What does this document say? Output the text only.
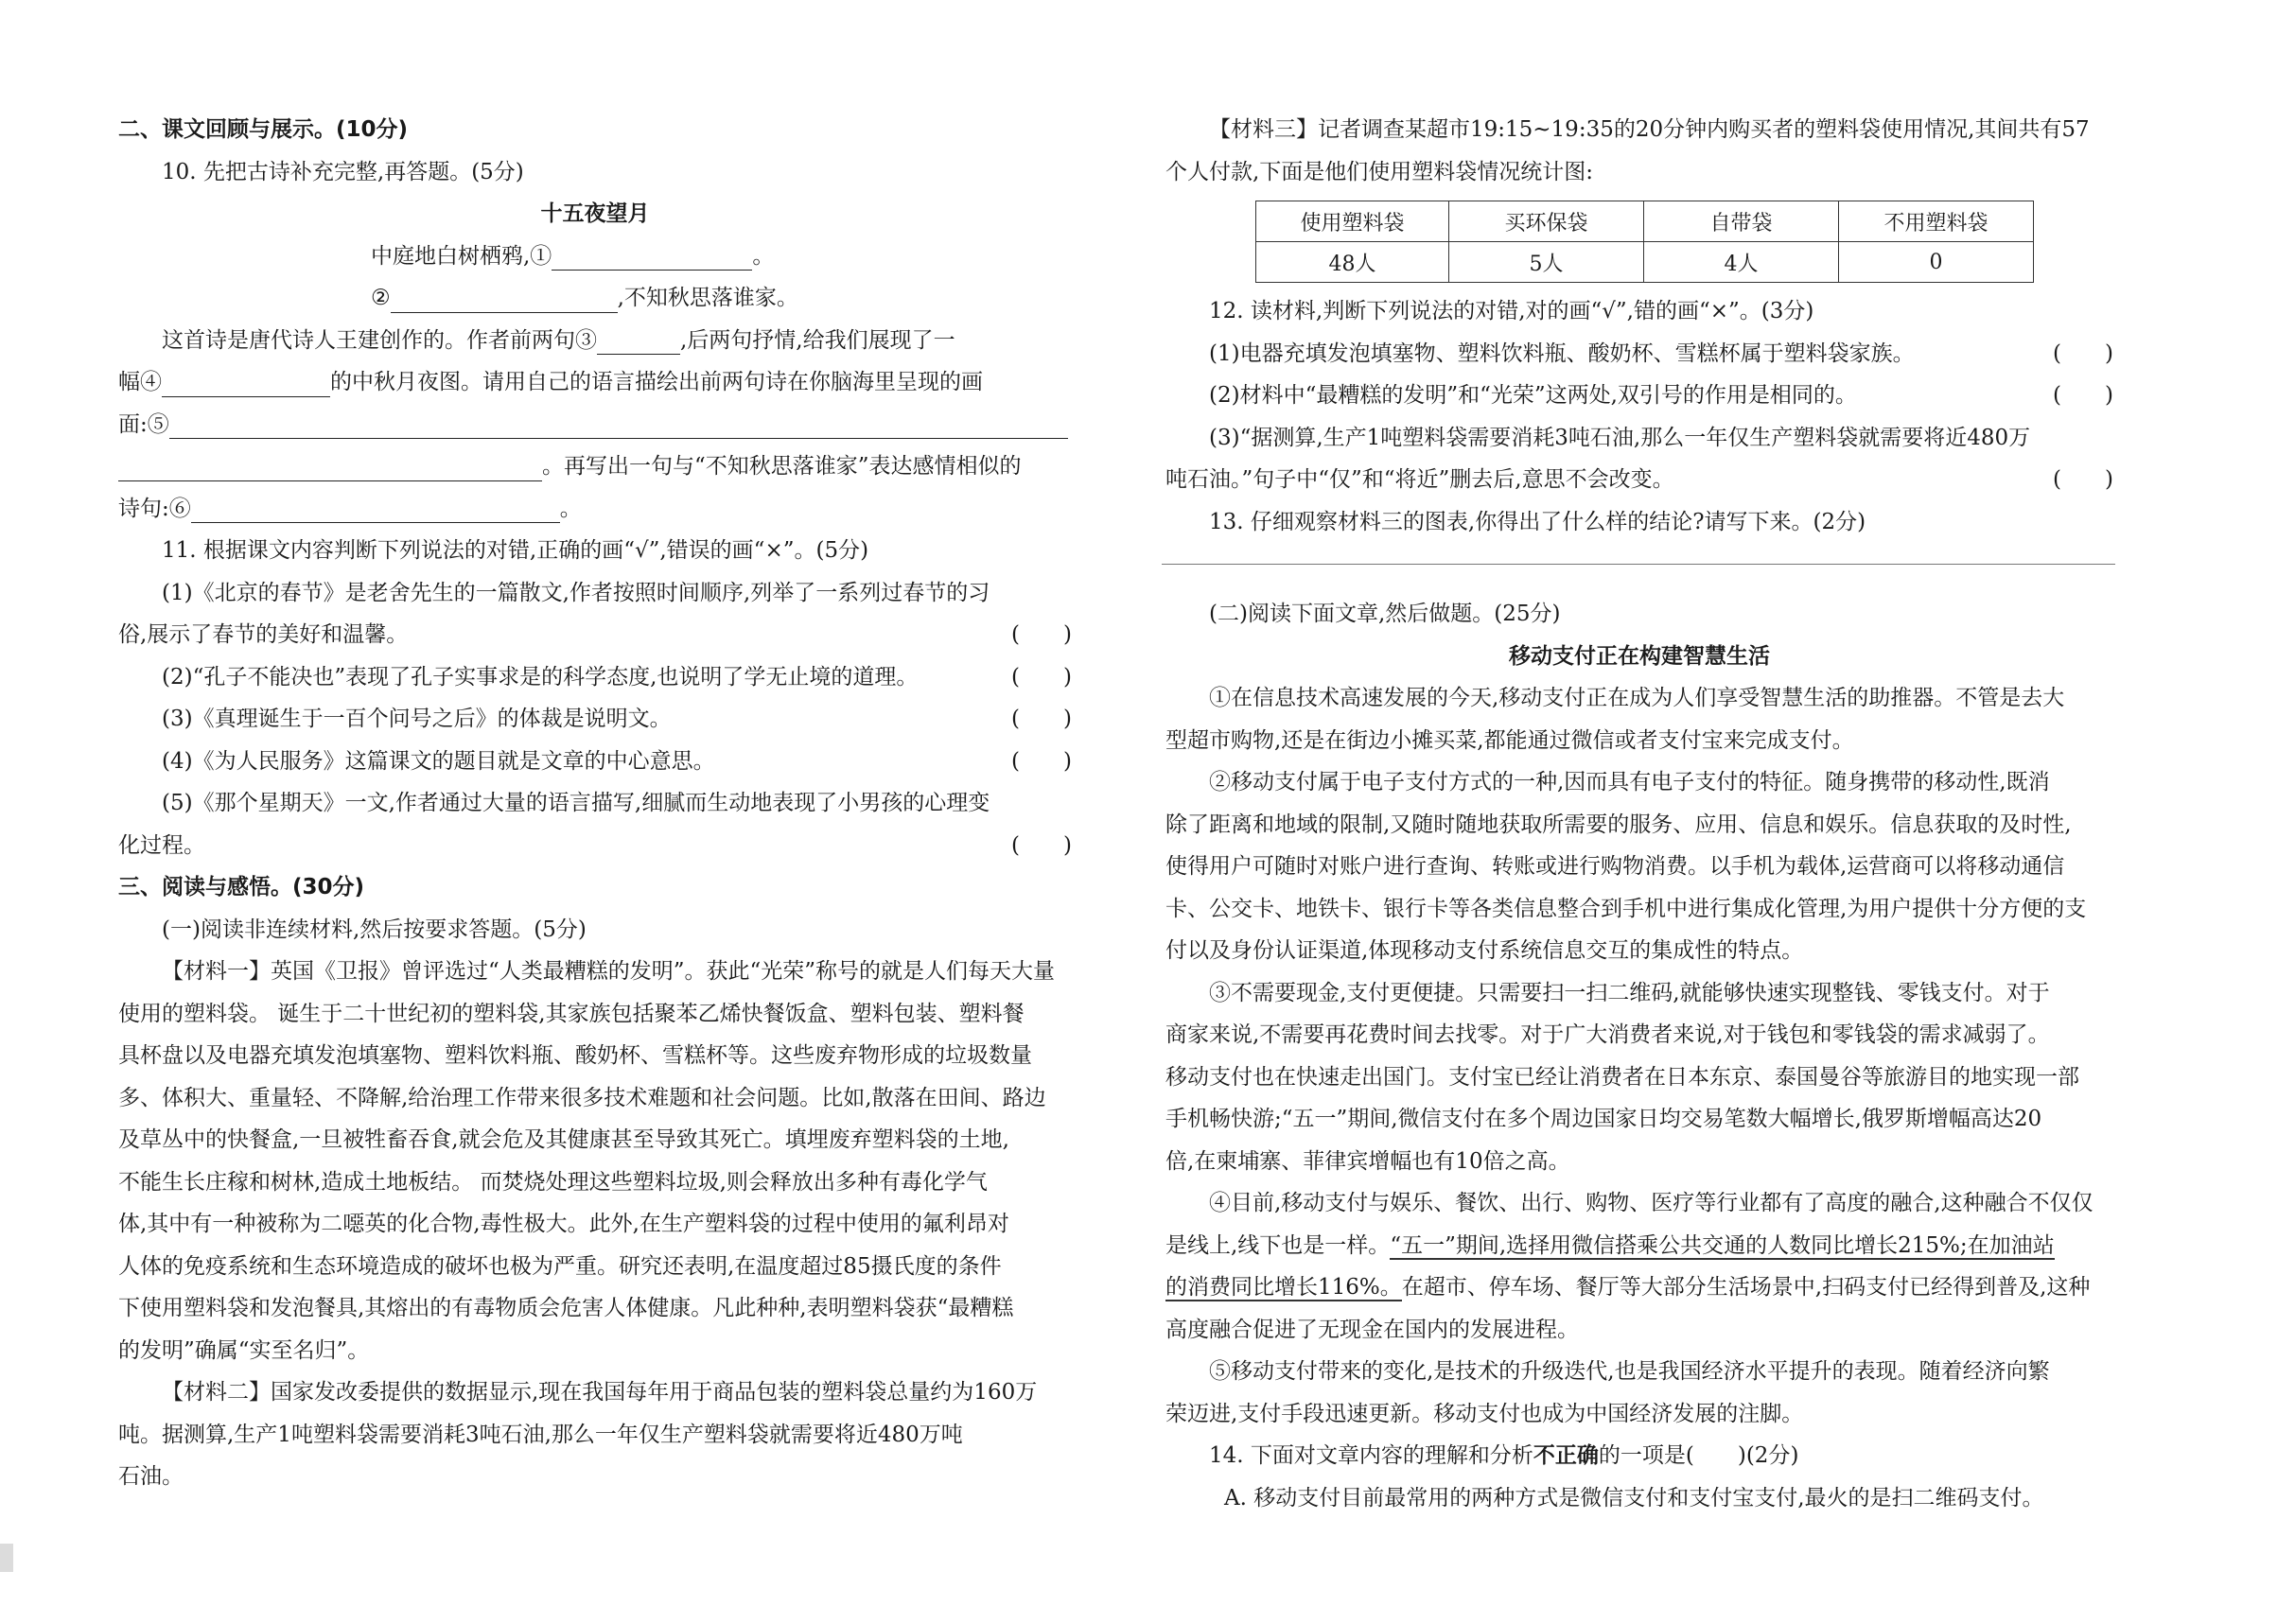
二、课文回顾与展示。(10分)
10. 先把古诗补充完整,再答题。(5分)
十五夜望月
中庭地白树栖鸦,①	。
②	,不知秋思落谁家。
这首诗是唐代诗人王建创作的。作者前两句③	,后两句抒情,给我们展现了一
幅④	的中秋月夜图。请用自己的语言描绘出前两句诗在你脑海里呈现的画
面:⑤
。再写出一句与“不知秋思落谁家”表达感情相似的
诗句:⑥	。
11. 根据课文内容判断下列说法的对错,正确的画“√”,错误的画“×”。(5分)
(1)《北京的春节》是老舍先生的一篇散文,作者按照时间顺序,列举了一系列过春节的习
俗,展示了春节的美好和温馨。	(　　)
(2)“孔子不能决也”表现了孔子实事求是的科学态度,也说明了学无止境的道理。	(　　)
(3)《真理诞生于一百个问号之后》的体裁是说明文。	(　　)
(4)《为人民服务》这篇课文的题目就是文章的中心意思。	(　　)
(5)《那个星期天》一文,作者通过大量的语言描写,细腻而生动地表现了小男孩的心理变
化过程。	(　　)
三、阅读与感悟。(30分)
(一)阅读非连续材料,然后按要求答题。(5分)
【材料一】英国《卫报》曾评选过“人类最糟糕的发明”。获此“光荣”称号的就是人们每天大量
使用的塑料袋。 诞生于二十世纪初的塑料袋,其家族包括聚苯乙烯快餐饭盒、塑料包装、塑料餐
具杯盘以及电器充填发泡填塞物、塑料饮料瓶、酸奶杯、雪糕杯等。这些废弃物形成的垃圾数量
多、体积大、重量轻、不降解,给治理工作带来很多技术难题和社会问题。比如,散落在田间、路边
及草丛中的快餐盒,一旦被牲畜吞食,就会危及其健康甚至导致其死亡。填埋废弃塑料袋的土地,
不能生长庄稼和树林,造成土地板结。 而焚烧处理这些塑料垃圾,则会释放出多种有毒化学气
体,其中有一种被称为二噁英的化合物,毒性极大。此外,在生产塑料袋的过程中使用的氟利昂对
人体的免疫系统和生态环境造成的破坏也极为严重。研究还表明,在温度超过85摄氏度的条件
下使用塑料袋和发泡餐具,其熔出的有毒物质会危害人体健康。凡此种种,表明塑料袋获“最糟糕
的发明”确属“实至名归”。
【材料二】国家发改委提供的数据显示,现在我国每年用于商品包装的塑料袋总量约为160万
吨。据测算,生产1吨塑料袋需要消耗3吨石油,那么一年仅生产塑料袋就需要将近480万吨
石油。
【材料三】记者调查某超市19:15~19:35的20分钟内购买者的塑料袋使用情况,其间共有57
个人付款,下面是他们使用塑料袋情况统计图:
使用塑料袋	买环保袋	自带袋	不用塑料袋
48人	5人	4人	0
12. 读材料,判断下列说法的对错,对的画“√”,错的画“×”。(3分)
(1)电器充填发泡填塞物、塑料饮料瓶、酸奶杯、雪糕杯属于塑料袋家族。	(　　)
(2)材料中“最糟糕的发明”和“光荣”这两处,双引号的作用是相同的。	(　　)
(3)“据测算,生产1吨塑料袋需要消耗3吨石油,那么一年仅生产塑料袋就需要将近480万
吨石油。”句子中“仅”和“将近”删去后,意思不会改变。	(　　)
13. 仔细观察材料三的图表,你得出了什么样的结论?请写下来。(2分)
(二)阅读下面文章,然后做题。(25分)
移动支付正在构建智慧生活
①在信息技术高速发展的今天,移动支付正在成为人们享受智慧生活的助推器。不管是去大
型超市购物,还是在街边小摊买菜,都能通过微信或者支付宝来完成支付。
②移动支付属于电子支付方式的一种,因而具有电子支付的特征。随身携带的移动性,既消
除了距离和地域的限制,又随时随地获取所需要的服务、应用、信息和娱乐。信息获取的及时性,
使得用户可随时对账户进行查询、转账或进行购物消费。以手机为载体,运营商可以将移动通信
卡、公交卡、地铁卡、银行卡等各类信息整合到手机中进行集成化管理,为用户提供十分方便的支
付以及身份认证渠道,体现移动支付系统信息交互的集成性的特点。
③不需要现金,支付更便捷。只需要扫一扫二维码,就能够快速实现整钱、零钱支付。对于
商家来说,不需要再花费时间去找零。对于广大消费者来说,对于钱包和零钱袋的需求减弱了。
移动支付也在快速走出国门。支付宝已经让消费者在日本东京、泰国曼谷等旅游目的地实现一部
手机畅快游;“五一”期间,微信支付在多个周边国家日均交易笔数大幅增长,俄罗斯增幅高达20
倍,在柬埔寨、菲律宾增幅也有10倍之高。
④目前,移动支付与娱乐、餐饮、出行、购物、医疗等行业都有了高度的融合,这种融合不仅仅
是线上,线下也是一样。“五一”期间,选择用微信搭乘公共交通的人数同比增长215%;在加油站
的消费同比增长116%。在超市、停车场、餐厅等大部分生活场景中,扫码支付已经得到普及,这种
高度融合促进了无现金在国内的发展进程。
⑤移动支付带来的变化,是技术的升级迭代,也是我国经济水平提升的表现。随着经济向繁
荣迈进,支付手段迅速更新。移动支付也成为中国经济发展的注脚。
14. 下面对文章内容的理解和分析不正确的一项是(　　)(2分)
A. 移动支付目前最常用的两种方式是微信支付和支付宝支付,最火的是扫二维码支付。
